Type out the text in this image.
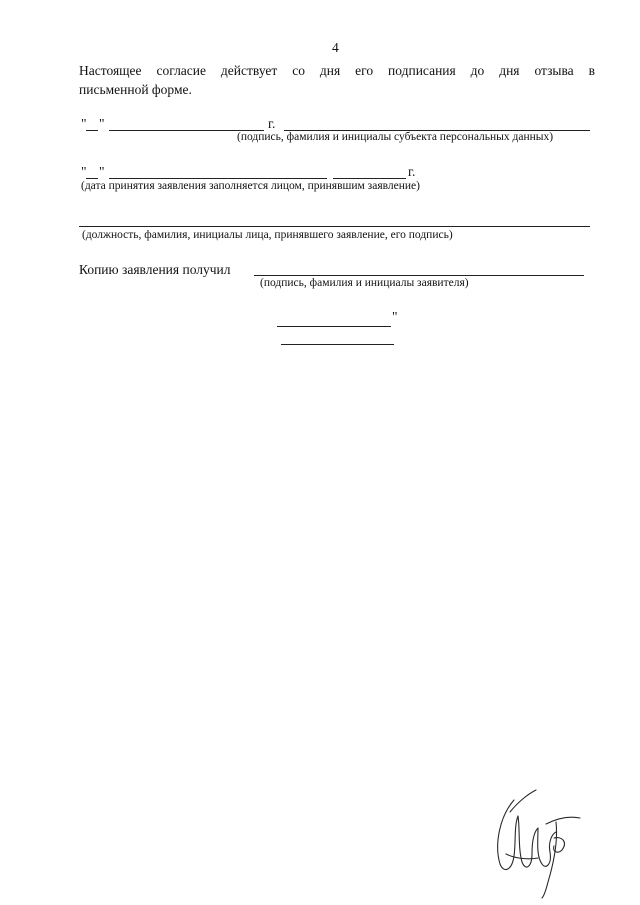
4
Настоящее согласие действует со дня его подписания до дня отзыва в
письменной форме.
" "	г.
(подпись, фамилия и инициалы субъекта персональных данных)
" "	г.
(дата принятия заявления заполняется лицом, принявшим заявление)
(должность, фамилия, инициалы лица, принявшего заявление, его подпись)
Копию заявления получил
(подпись, фамилия и инициалы заявителя)
"
